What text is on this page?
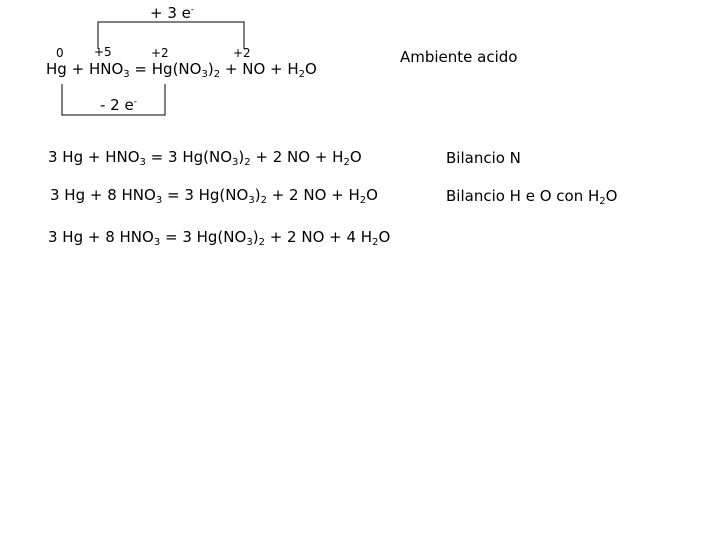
+ 3 e-
- 2 e-
0	+5	+2	+2
$Hg + HNO_3 = Hg(NO_3)_2$ + NO + $H_2O$
Ambiente acido
3 $Hg + HNO_3 = 3$ $Hg(NO_3)_2 + 2$ NO + $H_2O$	Bilancio N
3 Hg + 8 $HNO_3 = 3$ $Hg(NO_3)_2 + 2$ NO + $H_2O$	Bilancio H e O con $H_2O$
3 Hg + 8 $HNO_3 = 3$ $Hg(NO_3)_2 + 2$ NO + 4 $H_2O$
